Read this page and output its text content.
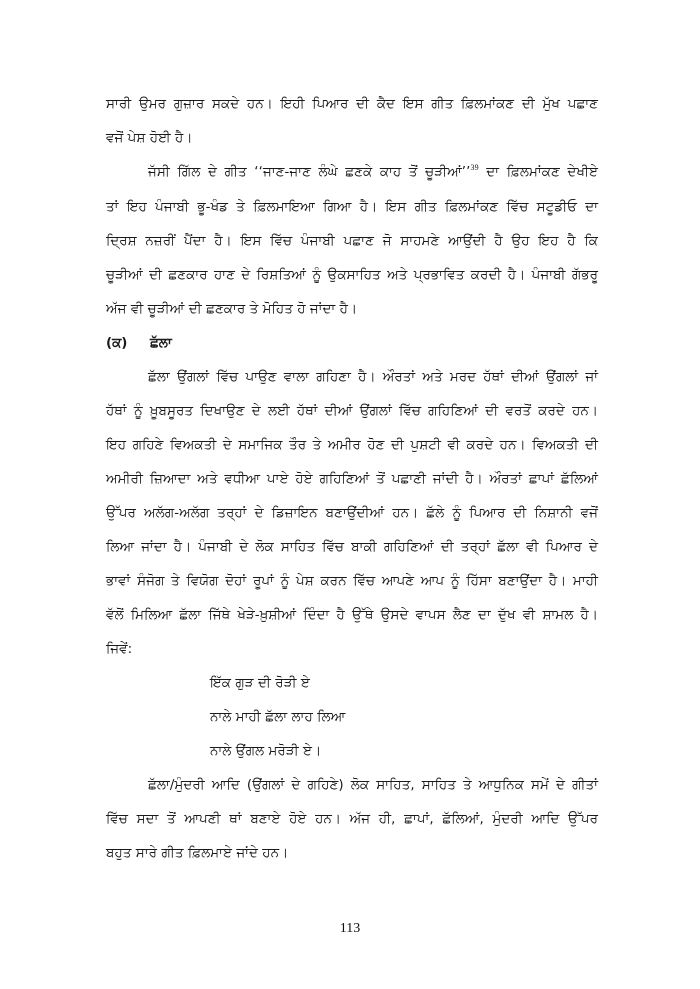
ਸਾਰੀ ਉਮਰ ਗੁਜ਼ਾਰ ਸਕਦੇ ਹਨ। ਇਹੀ ਪਿਆਰ ਦੀ ਕੈਦ ਇਸ ਗੀਤ ਫ਼ਿਲਮਾਂਕਣ ਦੀ ਮੁੱਖ ਪਛਾਣ
ਵਜੋਂ ਪੇਸ਼ ਹੋਈ ਹੈ।
ਜੱਸੀ ਗਿੱਲ ਦੇ ਗੀਤ ‘‘ਜਾਣ-ਜਾਣ ਲੰਘੇ ਛਣਕੇ ਕਾਹ ਤੋਂ ਚੂੜੀਆਂ’’$^{39}$ ਦਾ ਫ਼ਿਲਮਾਂਕਣ ਦੇਖੀਏ
ਤਾਂ ਇਹ ਪੰਜਾਬੀ ਭੂ-ਖੰਡ ਤੇ ਫ਼ਿਲਮਾਇਆ ਗਿਆ ਹੈ। ਇਸ ਗੀਤ ਫ਼ਿਲਮਾਂਕਣ ਵਿੱਚ ਸਟੂਡੀਓ ਦਾ
ਦ੍ਰਿਸ਼ ਨਜ਼ਰੀਂ ਪੈਂਦਾ ਹੈ। ਇਸ ਵਿੱਚ ਪੰਜਾਬੀ ਪਛਾਣ ਜੋ ਸਾਹਮਣੇ ਆਉਂਦੀ ਹੈ ਉਹ ਇਹ ਹੈ ਕਿ
ਚੂੜੀਆਂ ਦੀ ਛਣਕਾਰ ਹਾਣ ਦੇ ਰਿਸ਼ਤਿਆਂ ਨੂੰ ਉਕਸਾਹਿਤ ਅਤੇ ਪ੍ਰਭਾਵਿਤ ਕਰਦੀ ਹੈ। ਪੰਜਾਬੀ ਗੱਭਰੂ
ਅੱਜ ਵੀ ਚੂੜੀਆਂ ਦੀ ਛਣਕਾਰ ਤੇ ਮੋਹਿਤ ਹੋ ਜਾਂਦਾ ਹੈ।
(ਕ) ਛੱਲਾ
ਛੱਲਾ ਉਂਗਲਾਂ ਵਿੱਚ ਪਾਉਣ ਵਾਲਾ ਗਹਿਣਾ ਹੈ। ਔਰਤਾਂ ਅਤੇ ਮਰਦ ਹੱਥਾਂ ਦੀਆਂ ਉਂਗਲਾਂ ਜਾਂ
ਹੱਥਾਂ ਨੂੰ ਖ਼ੂਬਸੂਰਤ ਦਿਖਾਉਣ ਦੇ ਲਈ ਹੱਥਾਂ ਦੀਆਂ ਉਂਗਲਾਂ ਵਿੱਚ ਗਹਿਣਿਆਂ ਦੀ ਵਰਤੋਂ ਕਰਦੇ ਹਨ।
ਇਹ ਗਹਿਣੇ ਵਿਅਕਤੀ ਦੇ ਸਮਾਜਿਕ ਤੌਰ ਤੇ ਅਮੀਰ ਹੋਣ ਦੀ ਪੁਸ਼ਟੀ ਵੀ ਕਰਦੇ ਹਨ। ਵਿਅਕਤੀ ਦੀ
ਅਮੀਰੀ ਜ਼ਿਆਦਾ ਅਤੇ ਵਧੀਆ ਪਾਏ ਹੋਏ ਗਹਿਣਿਆਂ ਤੋਂ ਪਛਾਣੀ ਜਾਂਦੀ ਹੈ। ਔਰਤਾਂ ਛਾਪਾਂ ਛੱਲਿਆਂ
ਉੱਪਰ ਅਲੱਗ-ਅਲੱਗ ਤਰ੍ਹਾਂ ਦੇ ਡਿਜ਼ਾਇਨ ਬਣਾਉਂਦੀਆਂ ਹਨ। ਛੱਲੇ ਨੂੰ ਪਿਆਰ ਦੀ ਨਿਸ਼ਾਨੀ ਵਜੋਂ
ਲਿਆ ਜਾਂਦਾ ਹੈ। ਪੰਜਾਬੀ ਦੇ ਲੋਕ ਸਾਹਿਤ ਵਿੱਚ ਬਾਕੀ ਗਹਿਣਿਆਂ ਦੀ ਤਰ੍ਹਾਂ ਛੱਲਾ ਵੀ ਪਿਆਰ ਦੇ
ਭਾਵਾਂ ਸੰਜੋਗ ਤੇ ਵਿਯੋਗ ਦੋਹਾਂ ਰੂਪਾਂ ਨੂੰ ਪੇਸ਼ ਕਰਨ ਵਿੱਚ ਆਪਣੇ ਆਪ ਨੂੰ ਹਿੱਸਾ ਬਣਾਉਂਦਾ ਹੈ। ਮਾਹੀ
ਵੱਲੋਂ ਮਿਲਿਆ ਛੱਲਾ ਜਿੱਥੇ ਖੇੜੇ-ਖ਼ੁਸ਼ੀਆਂ ਦਿੰਦਾ ਹੈ ਉੱਥੇ ਉਸਦੇ ਵਾਪਸ ਲੈਣ ਦਾ ਦੁੱਖ ਵੀ ਸ਼ਾਮਲ ਹੈ।
ਜਿਵੇਂ:
ਇੱਕ ਗੁੜ ਦੀ ਰੋੜੀ ਏ
ਨਾਲੇ ਮਾਹੀ ਛੱਲਾ ਲਾਹ ਲਿਆ
ਨਾਲੇ ਉਂਗਲ ਮਰੋੜੀ ਏ।
ਛੱਲਾ/ਮੁੰਦਰੀ ਆਦਿ (ਉਂਗਲਾਂ ਦੇ ਗਹਿਣੇ) ਲੋਕ ਸਾਹਿਤ, ਸਾਹਿਤ ਤੇ ਆਧੁਨਿਕ ਸਮੇਂ ਦੇ ਗੀਤਾਂ
ਵਿੱਚ ਸਦਾ ਤੋਂ ਆਪਣੀ ਥਾਂ ਬਣਾਏ ਹੋਏ ਹਨ। ਅੱਜ ਹੀ, ਛਾਪਾਂ, ਛੱਲਿਆਂ, ਮੁੰਦਰੀ ਆਦਿ ਉੱਪਰ
ਬਹੁਤ ਸਾਰੇ ਗੀਤ ਫ਼ਿਲਮਾਏ ਜਾਂਦੇ ਹਨ।
113
